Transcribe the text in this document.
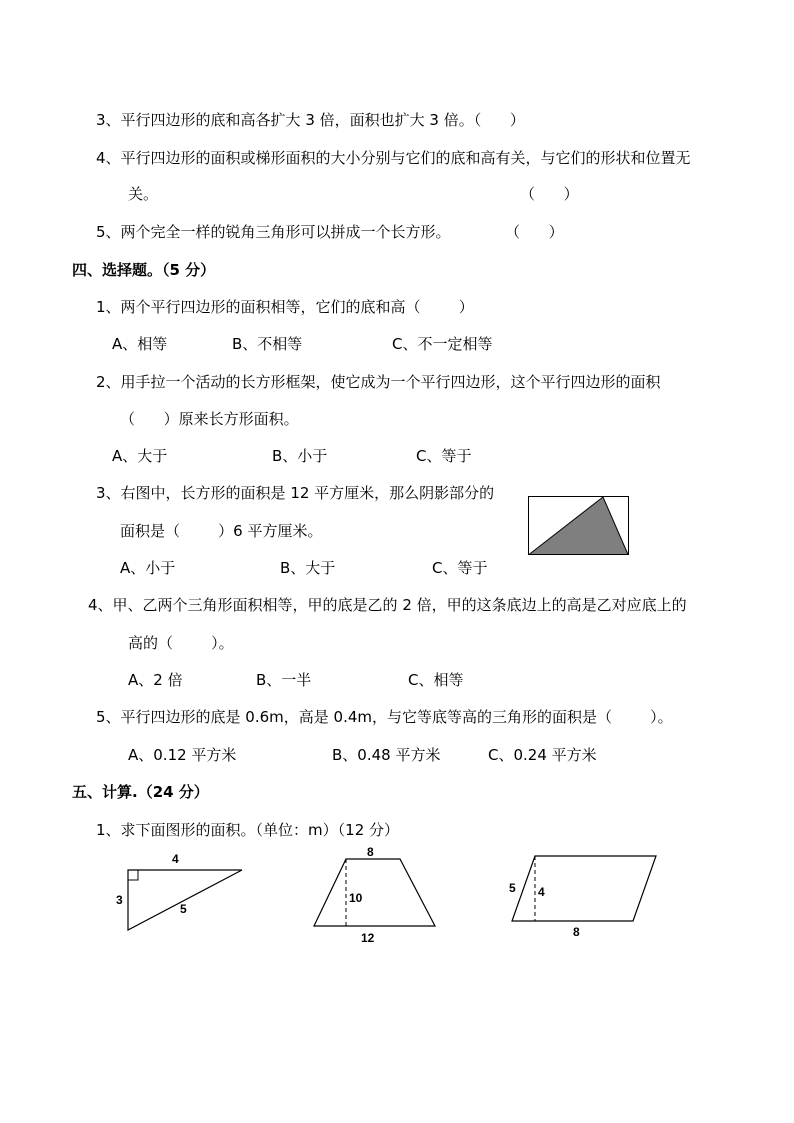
3、平行四边形的底和高各扩大 3 倍，面积也扩大 3 倍。（      ）
4、平行四边形的面积或梯形面积的大小分别与它们的底和高有关，与它们的形状和位置无
关。	（      ）
5、两个完全一样的锐角三角形可以拼成一个长方形。	（      ）
四、选择题。（5 分）
1、两个平行四边形的面积相等，它们的底和高（        ）
A、相等	B、不相等	C、不一定相等
2、用手拉一个活动的长方形框架，使它成为一个平行四边形，这个平行四边形的面积
（      ）原来长方形面积。
A、大于	B、小于	C、等于
3、右图中，长方形的面积是 12 平方厘米，那么阴影部分的
面积是（        ）6 平方厘米。
A、小于	B、大于	C、等于
4、甲、乙两个三角形面积相等，甲的底是乙的 2 倍，甲的这条底边上的高是乙对应底上的
高的（        ）。
A、2 倍	B、一半	C、相等
5、平行四边形的底是 0.6m，高是 0.4m，与它等底等高的三角形的面积是（        ）。
A、0.12 平方米	B、0.48 平方米	C、0.24 平方米
五、计算.（24 分）
1、求下面图形的面积。（单位：m）（12 分）
4
3
5
8
10
12
5 4
8
